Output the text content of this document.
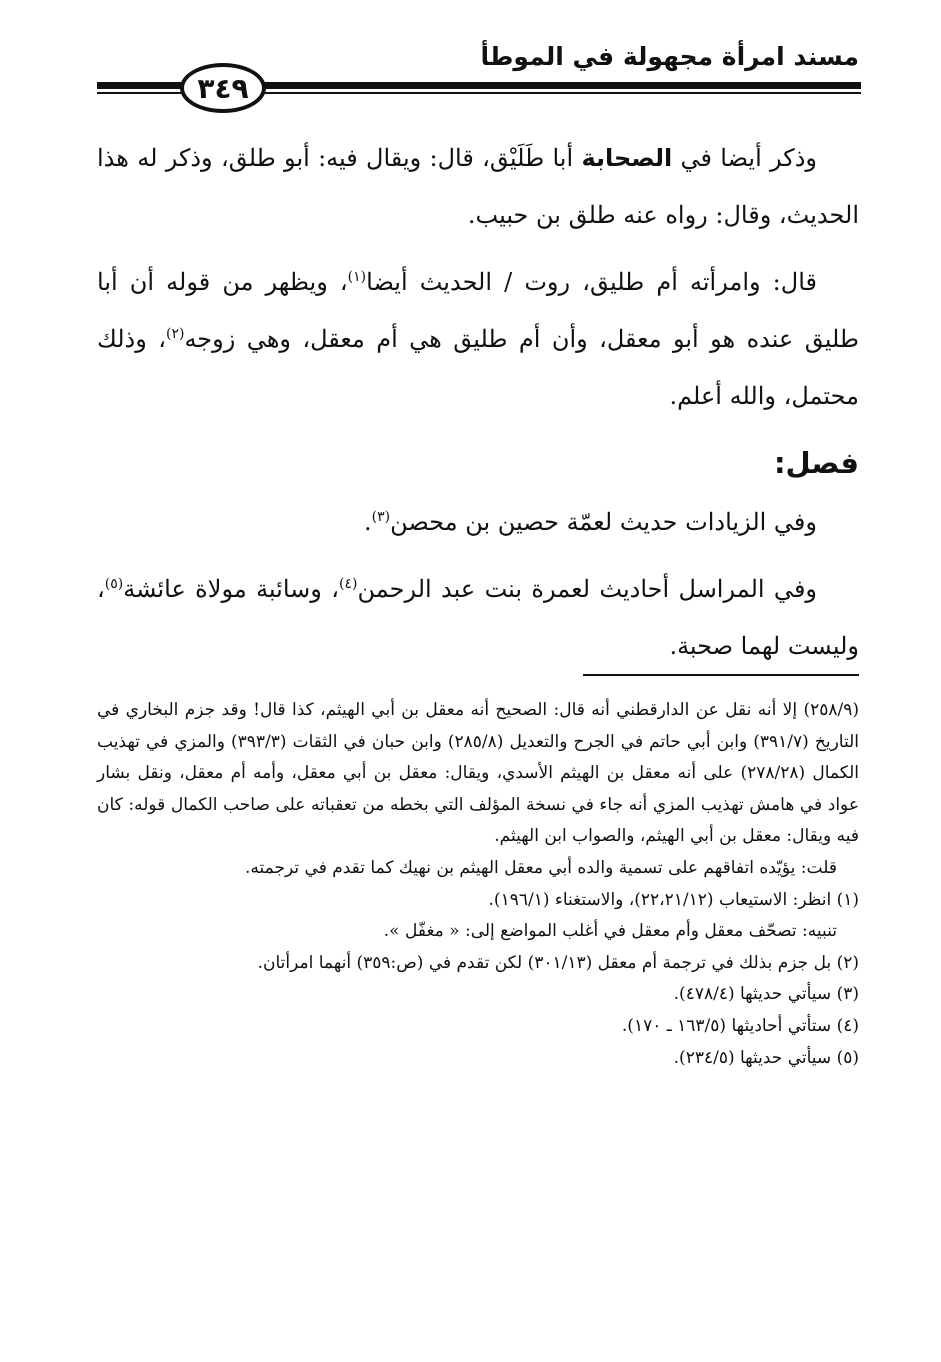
مسند امرأة مجهولة في الموطأ
٣٤٩

وذكر أيضا في الصحابة أبا طَلَيْق، قال: ويقال فيه: أبو طلق، وذكر له هذا الحديث، وقال: رواه عنه طلق بن حبيب.

قال: وامرأته أم طليق، روت / الحديث أيضا$^{(١)}$، ويظهر من قوله أن أبا طليق عنده هو أبو معقل، وأن أم طليق هي أم معقل، وهي زوجه$^{(٢)}$، وذلك محتمل، والله أعلم.

فصل:

وفي الزيادات حديث لعمّة حصين بن محصن$^{(٣)}$.

وفي المراسل أحاديث لعمرة بنت عبد الرحمن$^{(٤)}$، وسائبة مولاة عائشة$^{(٥)}$، وليست لهما صحبة.

(٢٥٨/٩) إلا أنه نقل عن الدارقطني أنه قال: الصحيح أنه معقل بن أبي الهيثم، كذا قال! وقد جزم البخاري في التاريخ (٣٩١/٧) وابن أبي حاتم في الجرح والتعديل (٢٨٥/٨) وابن حبان في الثقات (٣٩٣/٣) والمزي في تهذيب الكمال (٢٧٨/٢٨) على أنه معقل بن الهيثم الأسدي، ويقال: معقل بن أبي معقل، وأمه أم معقل، ونقل بشار عواد في هامش تهذيب المزي أنه جاء في نسخة المؤلف التي بخطه من تعقباته على صاحب الكمال قوله: كان فيه ويقال: معقل بن أبي الهيثم، والصواب ابن الهيثم.

قلت: يؤيّده اتفاقهم على تسمية والده أبي معقل الهيثم بن نهيك كما تقدم في ترجمته.

(١) انظر: الاستيعاب (٢٢،٢١/١٢)، والاستغناء (١٩٦/١).

تنبيه: تصحّف معقل وأم معقل في أغلب المواضع إلى: « مغفّل ».

(٢) بل جزم بذلك في ترجمة أم معقل (٣٠١/١٣) لكن تقدم في (ص:٣٥٩) أنهما امرأتان.

(٣) سيأتي حديثها (٤٧٨/٤).

(٤) ستأتي أحاديثها (١٦٣/٥ ـ ١٧٠).

(٥) سيأتي حديثها (٢٣٤/٥).
